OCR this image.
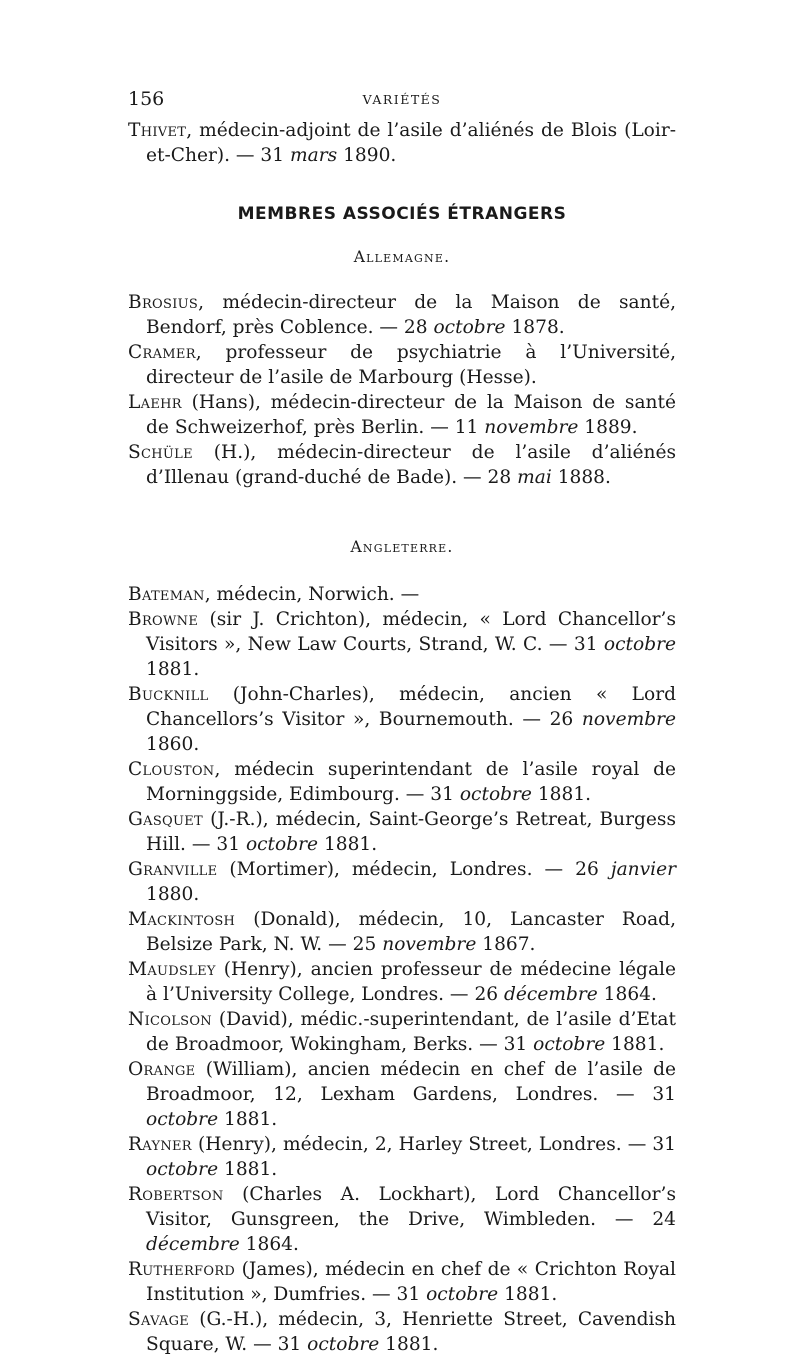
156	VARIÉTÉS
Thivet, médecin-adjoint de l’asile d’aliénés de Blois (Loir-et-Cher). — 31 mars 1890.
MEMBRES ASSOCIÉS ÉTRANGERS
Allemagne.
Brosius, médecin-directeur de la Maison de santé, Bendorf, près Coblence. — 28 octobre 1878.
Cramer, professeur de psychiatrie à l’Université, directeur de l’asile de Marbourg (Hesse).
Laehr (Hans), médecin-directeur de la Maison de santé de Schweizerhof, près Berlin. — 11 novembre 1889.
Schüle (H.), médecin-directeur de l’asile d’aliénés d’Illenau (grand-duché de Bade). — 28 mai 1888.
Angleterre.
Bateman, médecin, Norwich. —
Browne (sir J. Crichton), médecin, « Lord Chancellor’s Visitors », New Law Courts, Strand, W. C. — 31 octobre 1881.
Bucknill (John-Charles), médecin, ancien « Lord Chancellors’s Visitor », Bournemouth. — 26 novembre 1860.
Clouston, médecin superintendant de l’asile royal de Morninggside, Edimbourg. — 31 octobre 1881.
Gasquet (J.-R.), médecin, Saint-George’s Retreat, Burgess Hill. — 31 octobre 1881.
Granville (Mortimer), médecin, Londres. — 26 janvier 1880.
Mackintosh (Donald), médecin, 10, Lancaster Road, Belsize Park, N. W. — 25 novembre 1867.
Maudsley (Henry), ancien professeur de médecine légale à l’University College, Londres. — 26 décembre 1864.
Nicolson (David), médic.-superintendant, de l’asile d’Etat de Broadmoor, Wokingham, Berks. — 31 octobre 1881.
Orange (William), ancien médecin en chef de l’asile de Broadmoor, 12, Lexham Gardens, Londres. — 31 octobre 1881.
Rayner (Henry), médecin, 2, Harley Street, Londres. — 31 octobre 1881.
Robertson (Charles A. Lockhart), Lord Chancellor’s Visitor, Gunsgreen, the Drive, Wimbleden. — 24 décembre 1864.
Rutherford (James), médecin en chef de « Crichton Royal Institution », Dumfries. — 31 octobre 1881.
Savage (G.-H.), médecin, 3, Henriette Street, Cavendish Square, W. — 31 octobre 1881.
